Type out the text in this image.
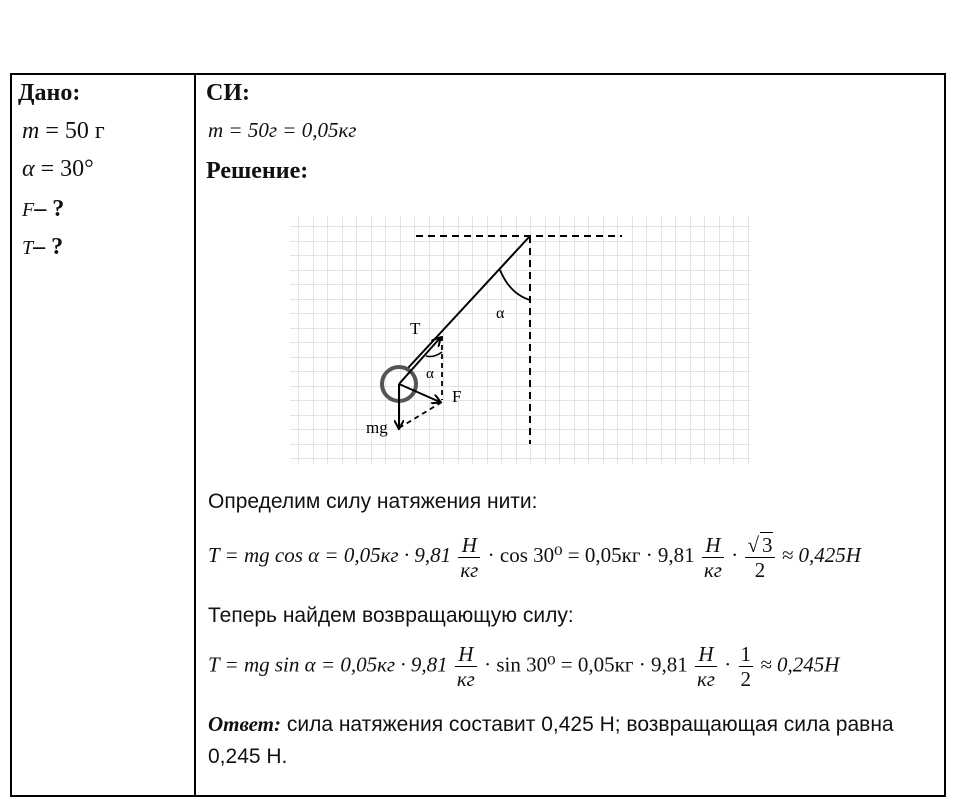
Дано:
m = 50 г
α = 30°
F– ?
T– ?
СИ:
m = 50г = 0,05кг
Решение:
α
T
α
F
mg
Определим силу натяжения нити:
T = mg $\cos \alpha = 0,05кг \cdot 9,81 \frac{Н}{кг} \cdot \cos 30^0 = 0,05кг \cdot 9,81 \frac{Н}{кг} \cdot \frac{√ 3}{2} \approx 0,425Н$
Теперь найдем возвращающую силу:
T = mg $\sin \alpha = 0,05кг \cdot 9,81 \frac{Н}{кг} \cdot \sin 30^0 = 0,05кг \cdot 9,81 \frac{Н}{кг} \cdot \frac{1}{2} \approx 0,245Н$
Ответ: сила натяжения составит 0,425 Н; возвращающая сила равна 0,245 Н.
